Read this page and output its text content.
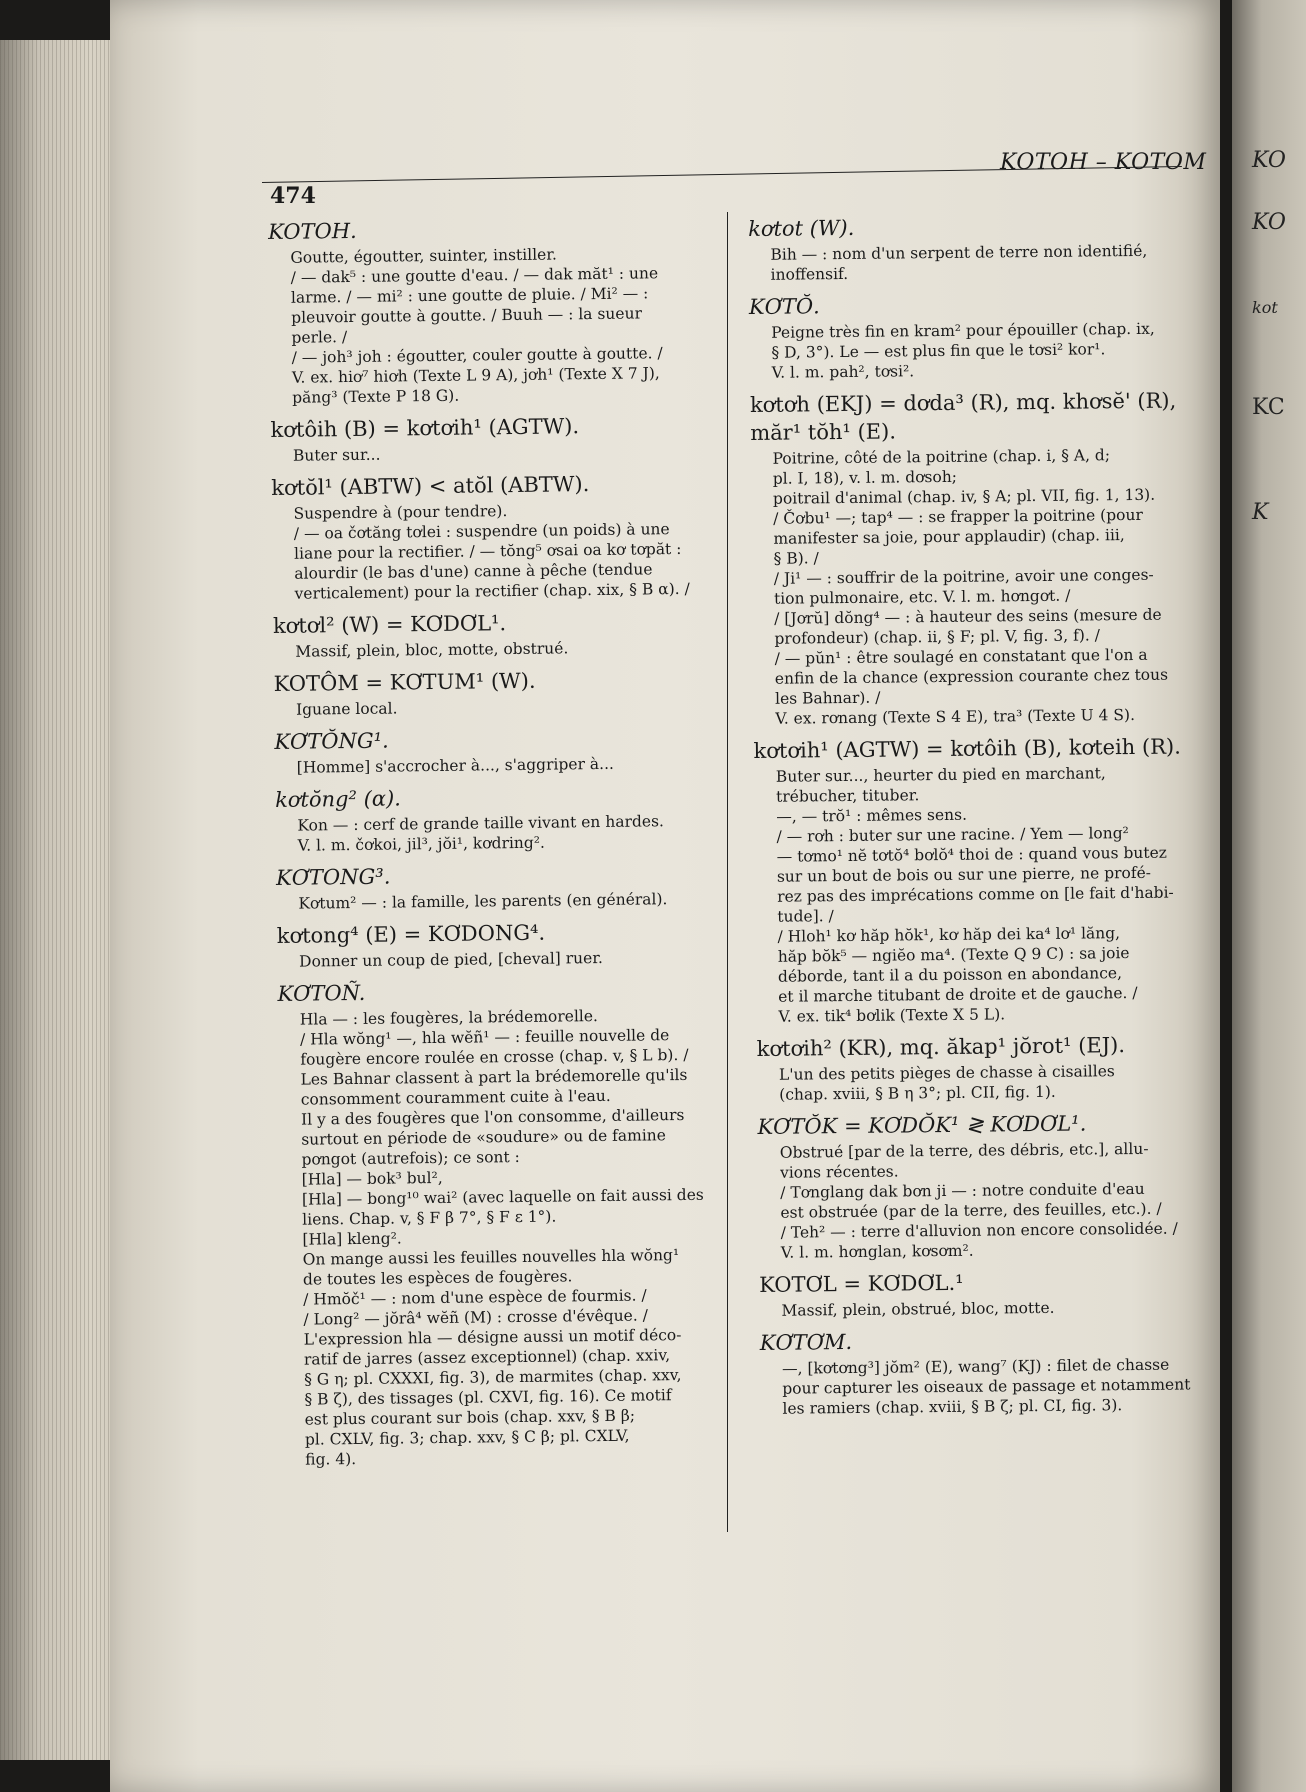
KO
KO
kot
KC
K
KOTOH – KOTOM
474
KOTOH.

Goutte, égoutter, suinter, instiller.

/ — dak⁵ : une goutte d'eau. / — dak măt¹ : une

larme. / — mi² : une goutte de pluie. / Mi² — :

pleuvoir goutte à goutte. / Buuh — : la sueur

perle. /

/ — joh³ joh : égoutter, couler goutte à goutte. /

V. ex. hiơ⁷ hiơh (Texte L 9 A), jơh¹ (Texte X 7 J),

păng³ (Texte P 18 G).

kơtôih (B) = kơtơih¹ (AGTW).

Buter sur...

kơtŏl¹ (ABTW) < atŏl (ABTW).

Suspendre à (pour tendre).

/ — oa čơtăng tơlei : suspendre (un poids) à une

liane pour la rectifier. / — tŏng⁵ ơsai oa kơ tơpăt :

alourdir (le bas d'une) canne à pêche (tendue

verticalement) pour la rectifier (chap. xix, § B α). /

kơtơl² (W) = KƠDƠL¹.

Massif, plein, bloc, motte, obstrué.

KOTÔM = KƠTUM¹ (W).

Iguane local.

KƠTŎNG¹.

[Homme] s'accrocher à..., s'aggriper à...

kơtŏng² (α).

Kon — : cerf de grande taille vivant en hardes.

V. l. m. čơkoi, jil³, jŏi¹, kơdring².

KƠTONG³.

Kơtum² — : la famille, les parents (en général).

kơtong⁴ (E) = KƠDONG⁴.

Donner un coup de pied, [cheval] ruer.

KƠTOÑ.

Hla — : les fougères, la brédemorelle.

/ Hla wŏng¹ —, hla wĕñ¹ — : feuille nouvelle de

fougère encore roulée en crosse (chap. v, § L b). /

Les Bahnar classent à part la brédemorelle qu'ils

consomment couramment cuite à l'eau.

Il y a des fougères que l'on consomme, d'ailleurs

surtout en période de «soudure» ou de famine

pơngot (autrefois); ce sont :

[Hla] — bok³ bul²,

[Hla] — bong¹⁰ wai² (avec laquelle on fait aussi des

liens. Chap. v, § F β 7°, § F ε 1°).

[Hla] kleng².

On mange aussi les feuilles nouvelles hla wŏng¹

de toutes les espèces de fougères.

/ Hmŏč¹ — : nom d'une espèce de fourmis. /

/ Long² — jŏrâ⁴ wĕñ (M) : crosse d'évêque. /

L'expression hla — désigne aussi un motif déco-

ratif de jarres (assez exceptionnel) (chap. xxiv,

§ G η; pl. CXXXI, fig. 3), de marmites (chap. xxv,

§ B ζ), des tissages (pl. CXVI, fig. 16). Ce motif

est plus courant sur bois (chap. xxv, § B β;

pl. CXLV, fig. 3; chap. xxv, § C β; pl. CXLV,

fig. 4).

kơtot (W).

Bih — : nom d'un serpent de terre non identifié,

inoffensif.

KƠTŎ.

Peigne très fin en kram² pour épouiller (chap. ix,

§ D, 3°). Le — est plus fin que le tơsi² kor¹.

V. l. m. pah², tơsi².

kơtơh (EKJ) = dơda³ (R), mq. khơsĕ' (R), măr¹ tŏh¹ (E).

Poitrine, côté de la poitrine (chap. i, § A, d;

pl. I, 18), v. l. m. dơsoh;

poitrail d'animal (chap. iv, § A; pl. VII, fig. 1, 13).

/ Čơbu¹ —; tap⁴ — : se frapper la poitrine (pour

manifester sa joie, pour applaudir) (chap. iii,

§ B). /

/ Ji¹ — : souffrir de la poitrine, avoir une conges-

tion pulmonaire, etc. V. l. m. hơngơt. /

/ [Jơrŭ] dŏng⁴ — : à hauteur des seins (mesure de

profondeur) (chap. ii, § F; pl. V, fig. 3, f). /

/ — pŭn¹ : être soulagé en constatant que l'on a

enfin de la chance (expression courante chez tous

les Bahnar). /

V. ex. rơnang (Texte S 4 E), tra³ (Texte U 4 S).

kơtơih¹ (AGTW) = kơtôih (B), kơteih (R).

Buter sur..., heurter du pied en marchant,

trébucher, tituber.

—, — trŏ¹ : mêmes sens.

/ — rơh : buter sur une racine. / Yem — long²

— tơmo¹ nĕ tơtŏ⁴ bơlŏ⁴ thoi de : quand vous butez

sur un bout de bois ou sur une pierre, ne profé-

rez pas des imprécations comme on [le fait d'habi-

tude]. /

/ Hloh¹ kơ hăp hŏk¹, kơ hăp dei ka⁴ lơ¹ lăng,

hăp bŏk⁵ — ngiĕo ma⁴. (Texte Q 9 C) : sa joie

déborde, tant il a du poisson en abondance,

et il marche titubant de droite et de gauche. /

V. ex. tik⁴ bơlik (Texte X 5 L).

kơtơih² (KR), mq. ăkap¹ jŏrot¹ (EJ).

L'un des petits pièges de chasse à cisailles

(chap. xviii, § B η 3°; pl. CII, fig. 1).

KƠTŎK = KƠDŎK¹ ≷ KƠDƠL¹.

Obstrué [par de la terre, des débris, etc.], allu-

vions récentes.

/ Tơnglang dak bơn ji — : notre conduite d'eau

est obstruée (par de la terre, des feuilles, etc.). /

/ Teh² — : terre d'alluvion non encore consolidée. /

V. l. m. hơnglan, kơsơm².

KOTƠL = KƠDƠL.¹

Massif, plein, obstrué, bloc, motte.

KƠTƠM.

—, [kơtơng³] jŏm² (E), wang⁷ (KJ) : filet de chasse

pour capturer les oiseaux de passage et notamment

les ramiers (chap. xviii, § B ζ; pl. CI, fig. 3).
